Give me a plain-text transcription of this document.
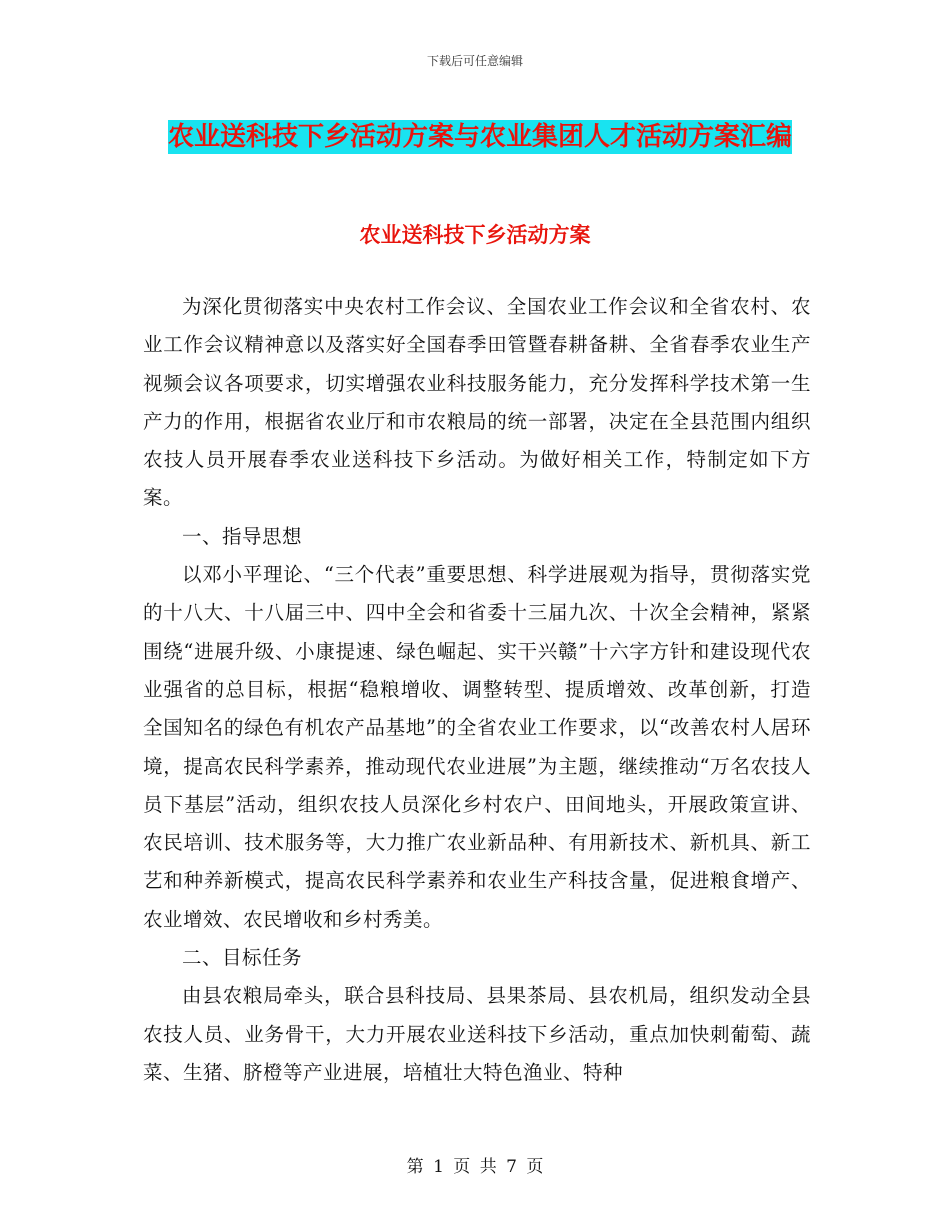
下载后可任意编辑
农业送科技下乡活动方案与农业集团人才活动方案汇编
农业送科技下乡活动方案

为深化贯彻落实中央农村工作会议、全国农业工作会议和全省农村、农业工作会议精神意以及落实好全国春季田管暨春耕备耕、全省春季农业生产视频会议各项要求，切实增强农业科技服务能力，充分发挥科学技术第一生产力的作用，根据省农业厅和市农粮局的统一部署，决定在全县范围内组织农技人员开展春季农业送科技下乡活动。为做好相关工作，特制定如下方案。

一、指导思想

以邓小平理论、“三个代表”重要思想、科学进展观为指导，贯彻落实党的十八大、十八届三中、四中全会和省委十三届九次、十次全会精神，紧紧围绕“进展升级、小康提速、绿色崛起、实干兴赣”十六字方针和建设现代农业强省的总目标，根据“稳粮增收、调整转型、提质增效、改革创新，打造全国知名的绿色有机农产品基地”的全省农业工作要求，以“改善农村人居环境，提高农民科学素养，推动现代农业进展”为主题，继续推动“万名农技人员下基层”活动，组织农技人员深化乡村农户、田间地头，开展政策宣讲、农民培训、技术服务等，大力推广农业新品种、有用新技术、新机具、新工艺和种养新模式，提高农民科学素养和农业生产科技含量，促进粮食增产、农业增效、农民增收和乡村秀美。

二、目标任务

由县农粮局牵头，联合县科技局、县果茶局、县农机局，组织发动全县农技人员、业务骨干，大力开展农业送科技下乡活动，重点加快刺葡萄、蔬菜、生猪、脐橙等产业进展，培植壮大特色渔业、特种

第 1 页 共 7 页
